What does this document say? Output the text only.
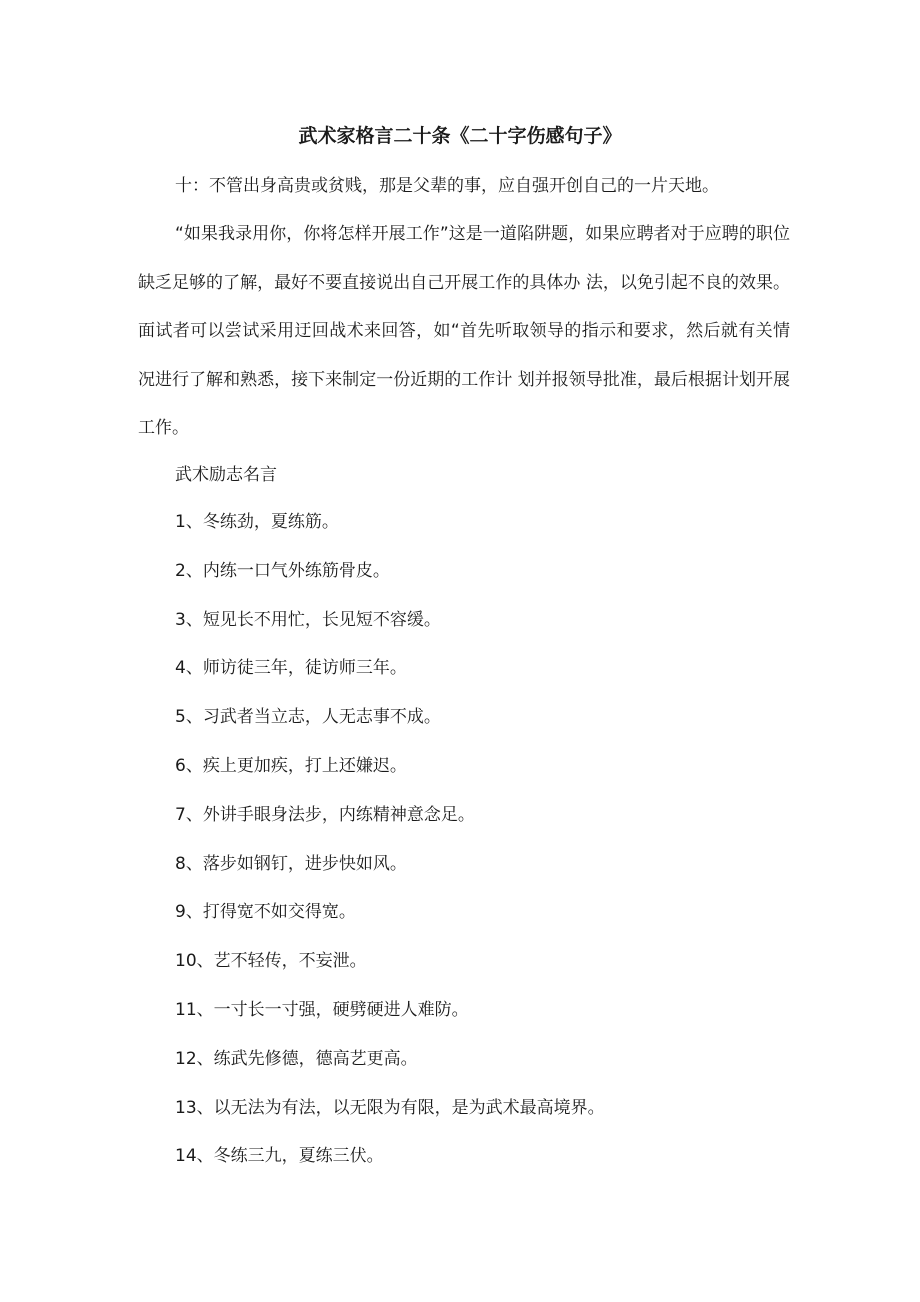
武术家格言二十条《二十字伤感句子》

十：不管出身高贵或贫贱，那是父辈的事，应自强开创自己的一片天地。

“如果我录用你，你将怎样开展工作”这是一道陷阱题，如果应聘者对于应聘的职位缺乏足够的了解，最好不要直接说出自己开展工作的具体办 法，以免引起不良的效果。面试者可以尝试采用迂回战术来回答，如“首先听取领导的指示和要求，然后就有关情况进行了解和熟悉，接下来制定一份近期的工作计 划并报领导批准，最后根据计划开展工作。

武术励志名言

1、冬练劲，夏练筋。
2、内练一口气外练筋骨皮。
3、短见长不用忙，长见短不容缓。
4、师访徒三年，徒访师三年。
5、习武者当立志，人无志事不成。
6、疾上更加疾，打上还嫌迟。
7、外讲手眼身法步，内练精神意念足。
8、落步如钢钉，进步快如风。
9、打得宽不如交得宽。
10、艺不轻传，不妄泄。
11、一寸长一寸强，硬劈硬进人难防。
12、练武先修德，德高艺更高。
13、以无法为有法，以无限为有限，是为武术最高境界。
14、冬练三九，夏练三伏。
